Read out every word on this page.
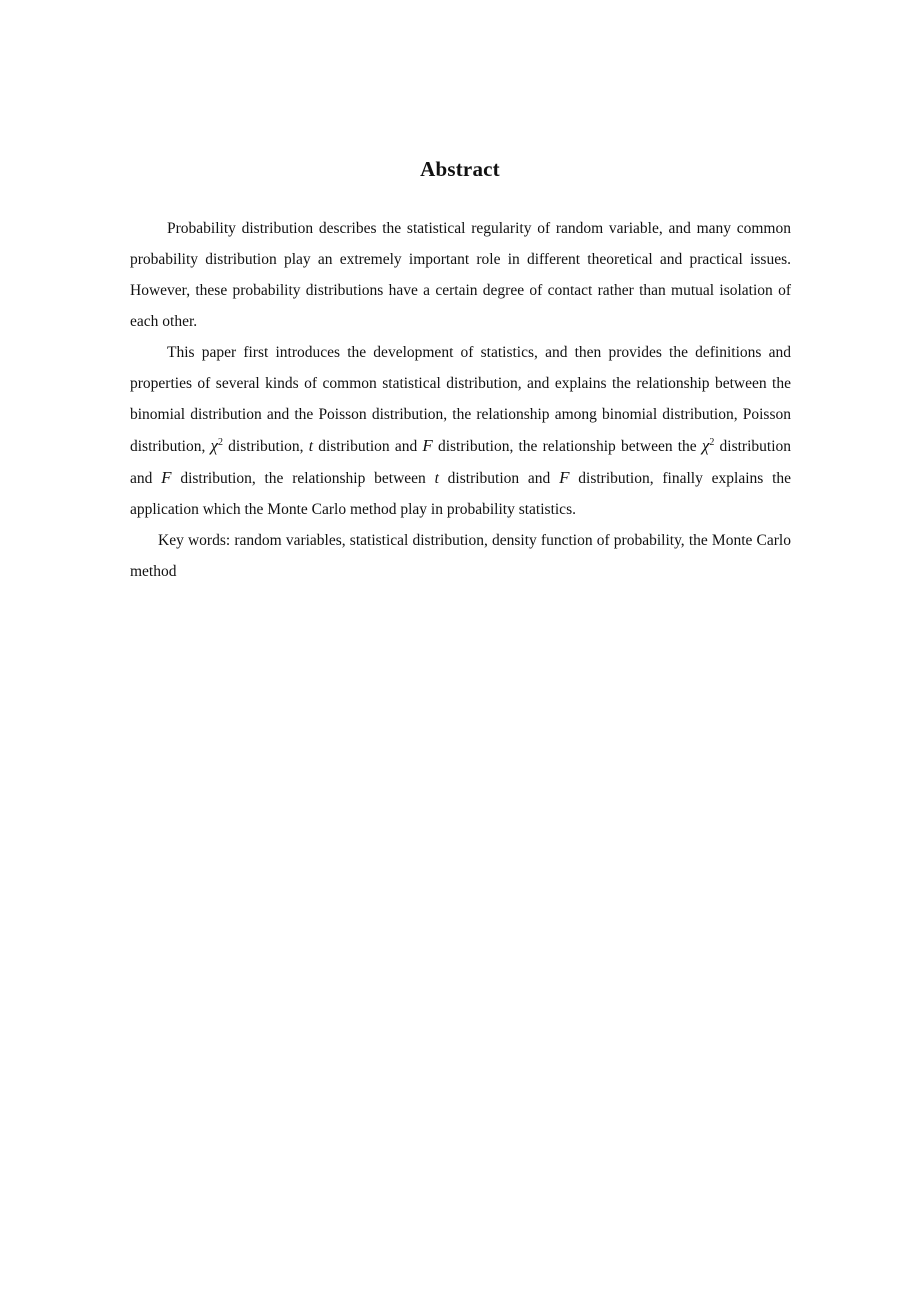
Abstract

Probability distribution describes the statistical regularity of random variable, and many common probability distribution play an extremely important role in different theoretical and practical issues. However, these probability distributions have a certain degree of contact rather than mutual isolation of each other.

This paper first introduces the development of statistics, and then provides the definitions and properties of several kinds of common statistical distribution, and explains the relationship between the binomial distribution and the Poisson distribution, the relationship among binomial distribution, Poisson distribution, $\chi^2$ distribution, t distribution and F distribution, the relationship between the $\chi^2$ distribution and F distribution, the relationship between t distribution and F distribution, finally explains the application which the Monte Carlo method play in probability statistics.

Key words: random variables, statistical distribution, density function of probability, the Monte Carlo method
